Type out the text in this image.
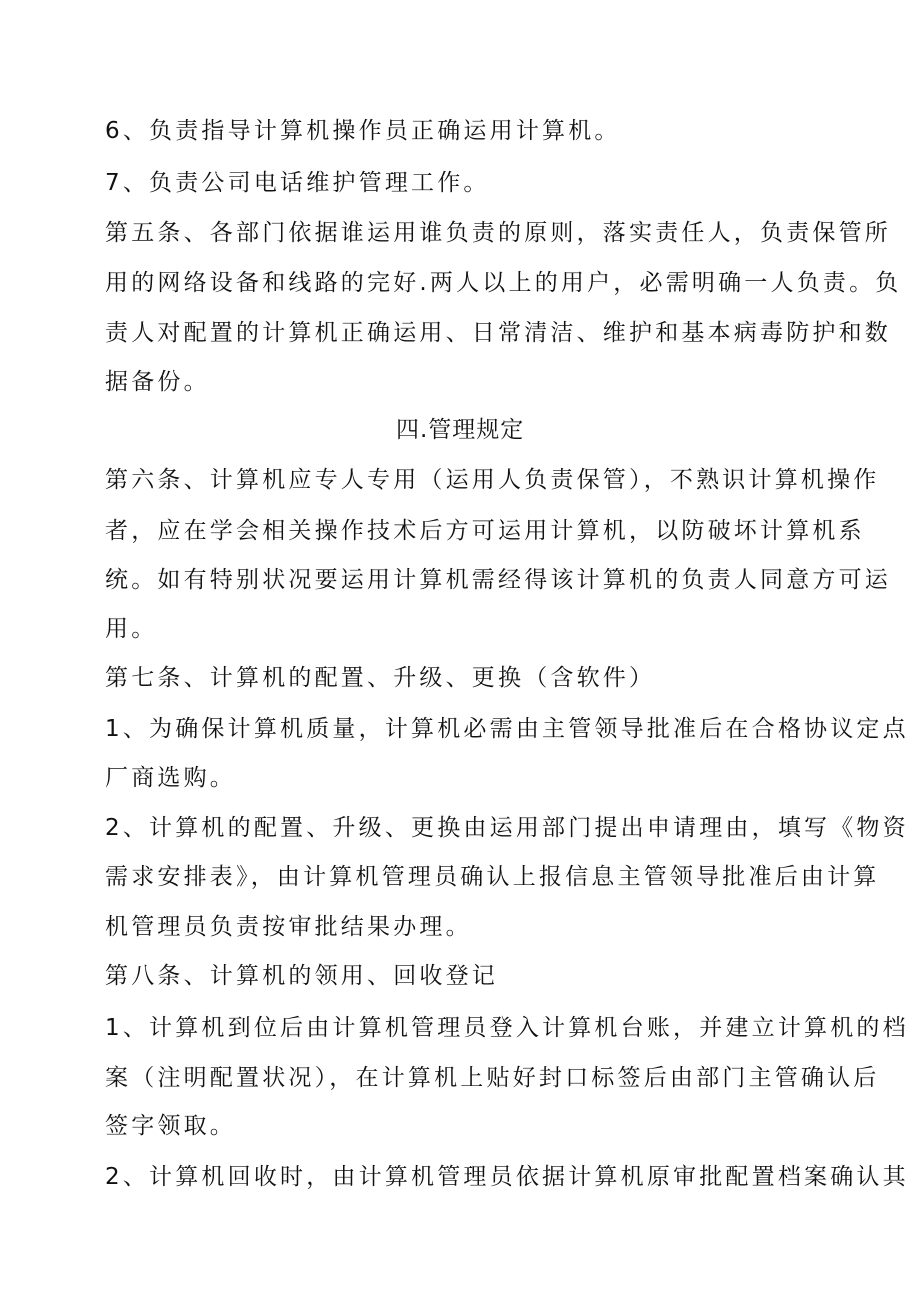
6、负责指导计算机操作员正确运用计算机。
7、负责公司电话维护管理工作。
第五条、各部门依据谁运用谁负责的原则，落实责任人，负责保管所
用的网络设备和线路的完好.两人以上的用户，必需明确一人负责。负
责人对配置的计算机正确运用、日常清洁、维护和基本病毒防护和数
据备份。
四.管理规定
第六条、计算机应专人专用（运用人负责保管），不熟识计算机操作
者，应在学会相关操作技术后方可运用计算机，以防破坏计算机系
统。如有特别状况要运用计算机需经得该计算机的负责人同意方可运
用。
第七条、计算机的配置、升级、更换（含软件）
1、为确保计算机质量，计算机必需由主管领导批准后在合格协议定点
厂商选购。
2、计算机的配置、升级、更换由运用部门提出申请理由，填写《物资
需求安排表》，由计算机管理员确认上报信息主管领导批准后由计算
机管理员负责按审批结果办理。
第八条、计算机的领用、回收登记
1、计算机到位后由计算机管理员登入计算机台账，并建立计算机的档
案（注明配置状况），在计算机上贴好封口标签后由部门主管确认后
签字领取。
2、计算机回收时，由计算机管理员依据计算机原审批配置档案确认其
